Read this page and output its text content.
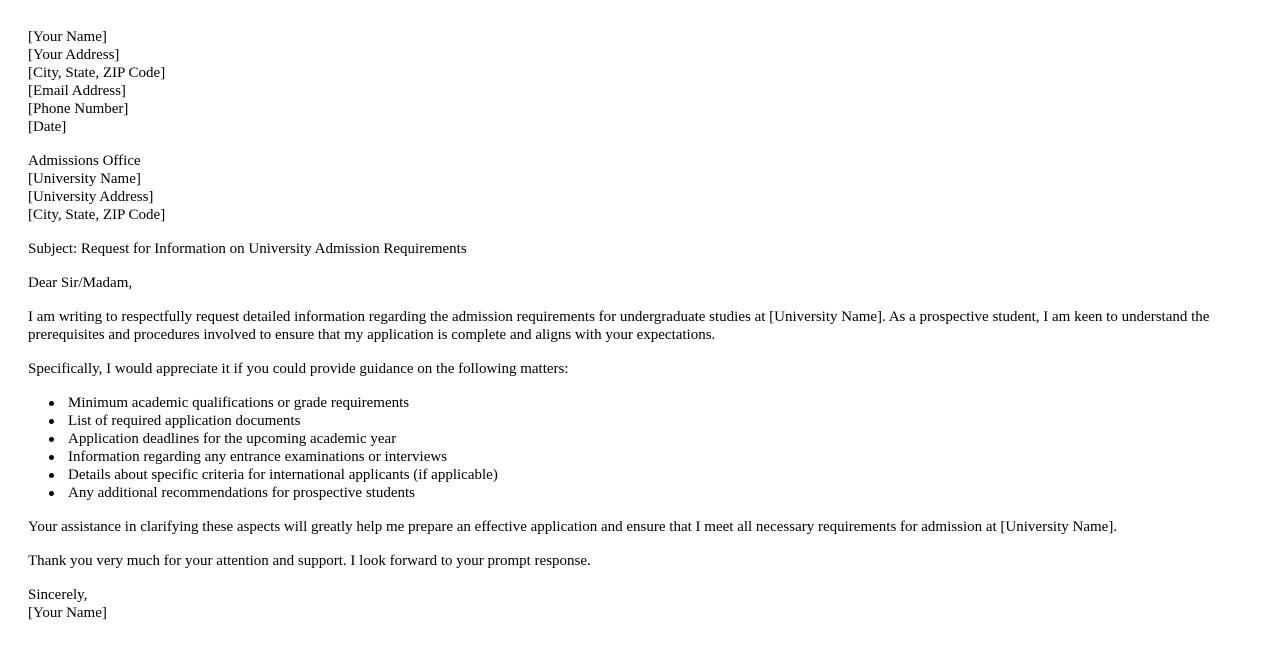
[Your Name]
[Your Address]
[City, State, ZIP Code]
[Email Address]
[Phone Number]
[Date]
Admissions Office
[University Name]
[University Address]
[City, State, ZIP Code]

Subject: Request for Information on University Admission Requirements

Dear Sir/Madam,

I am writing to respectfully request detailed information regarding the admission requirements for undergraduate studies at [University Name]. As a prospective student, I am keen to understand the prerequisites and procedures involved to ensure that my application is complete and aligns with your expectations.

Specifically, I would appreciate it if you could provide guidance on the following matters:

Minimum academic qualifications or grade requirements
List of required application documents
Application deadlines for the upcoming academic year
Information regarding any entrance examinations or interviews
Details about specific criteria for international applicants (if applicable)
Any additional recommendations for prospective students

Your assistance in clarifying these aspects will greatly help me prepare an effective application and ensure that I meet all necessary requirements for admission at [University Name].

Thank you very much for your attention and support. I look forward to your prompt response.

Sincerely,
[Your Name]
